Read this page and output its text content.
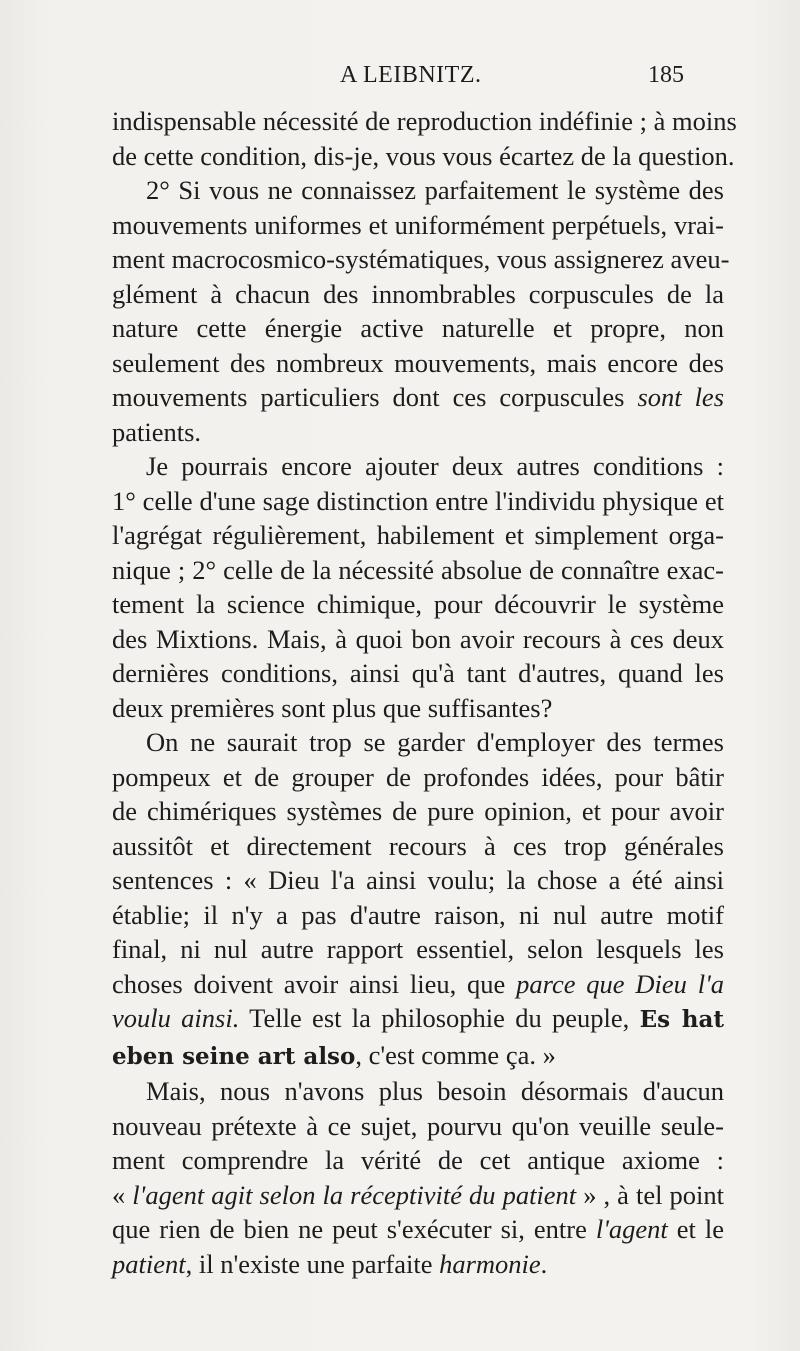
A LEIBNITZ.	185

indispensable nécessité de reproduction indéfinie ; à moins
de cette condition, dis-je, vous vous écartez de la question.

2° Si vous ne connaissez parfaitement le système des
mouvements uniformes et uniformément perpétuels, vrai-
ment macrocosmico-systématiques, vous assignerez aveu-
glément à chacun des innombrables corpuscules de la
nature cette énergie active naturelle et propre, non
seulement des nombreux mouvements, mais encore des
mouvements particuliers dont ces corpuscules sont les
patients.

Je pourrais encore ajouter deux autres conditions :
1° celle d'une sage distinction entre l'individu physique et
l'agrégat régulièrement, habilement et simplement orga-
nique ; 2° celle de la nécessité absolue de connaître exac-
tement la science chimique, pour découvrir le système
des Mixtions. Mais, à quoi bon avoir recours à ces deux
dernières conditions, ainsi qu'à tant d'autres, quand les
deux premières sont plus que suffisantes?

On ne saurait trop se garder d'employer des termes
pompeux et de grouper de profondes idées, pour bâtir
de chimériques systèmes de pure opinion, et pour avoir
aussitôt et directement recours à ces trop générales
sentences : « Dieu l'a ainsi voulu; la chose a été ainsi
établie; il n'y a pas d'autre raison, ni nul autre motif
final, ni nul autre rapport essentiel, selon lesquels les
choses doivent avoir ainsi lieu, que parce que Dieu l'a
voulu ainsi. Telle est la philosophie du peuple, Es hat
eben seine art also, c'est comme ça. »

Mais, nous n'avons plus besoin désormais d'aucun
nouveau prétexte à ce sujet, pourvu qu'on veuille seule-
ment comprendre la vérité de cet antique axiome :
« l'agent agit selon la réceptivité du patient » , à tel point
que rien de bien ne peut s'exécuter si, entre l'agent et le
patient, il n'existe une parfaite harmonie.
